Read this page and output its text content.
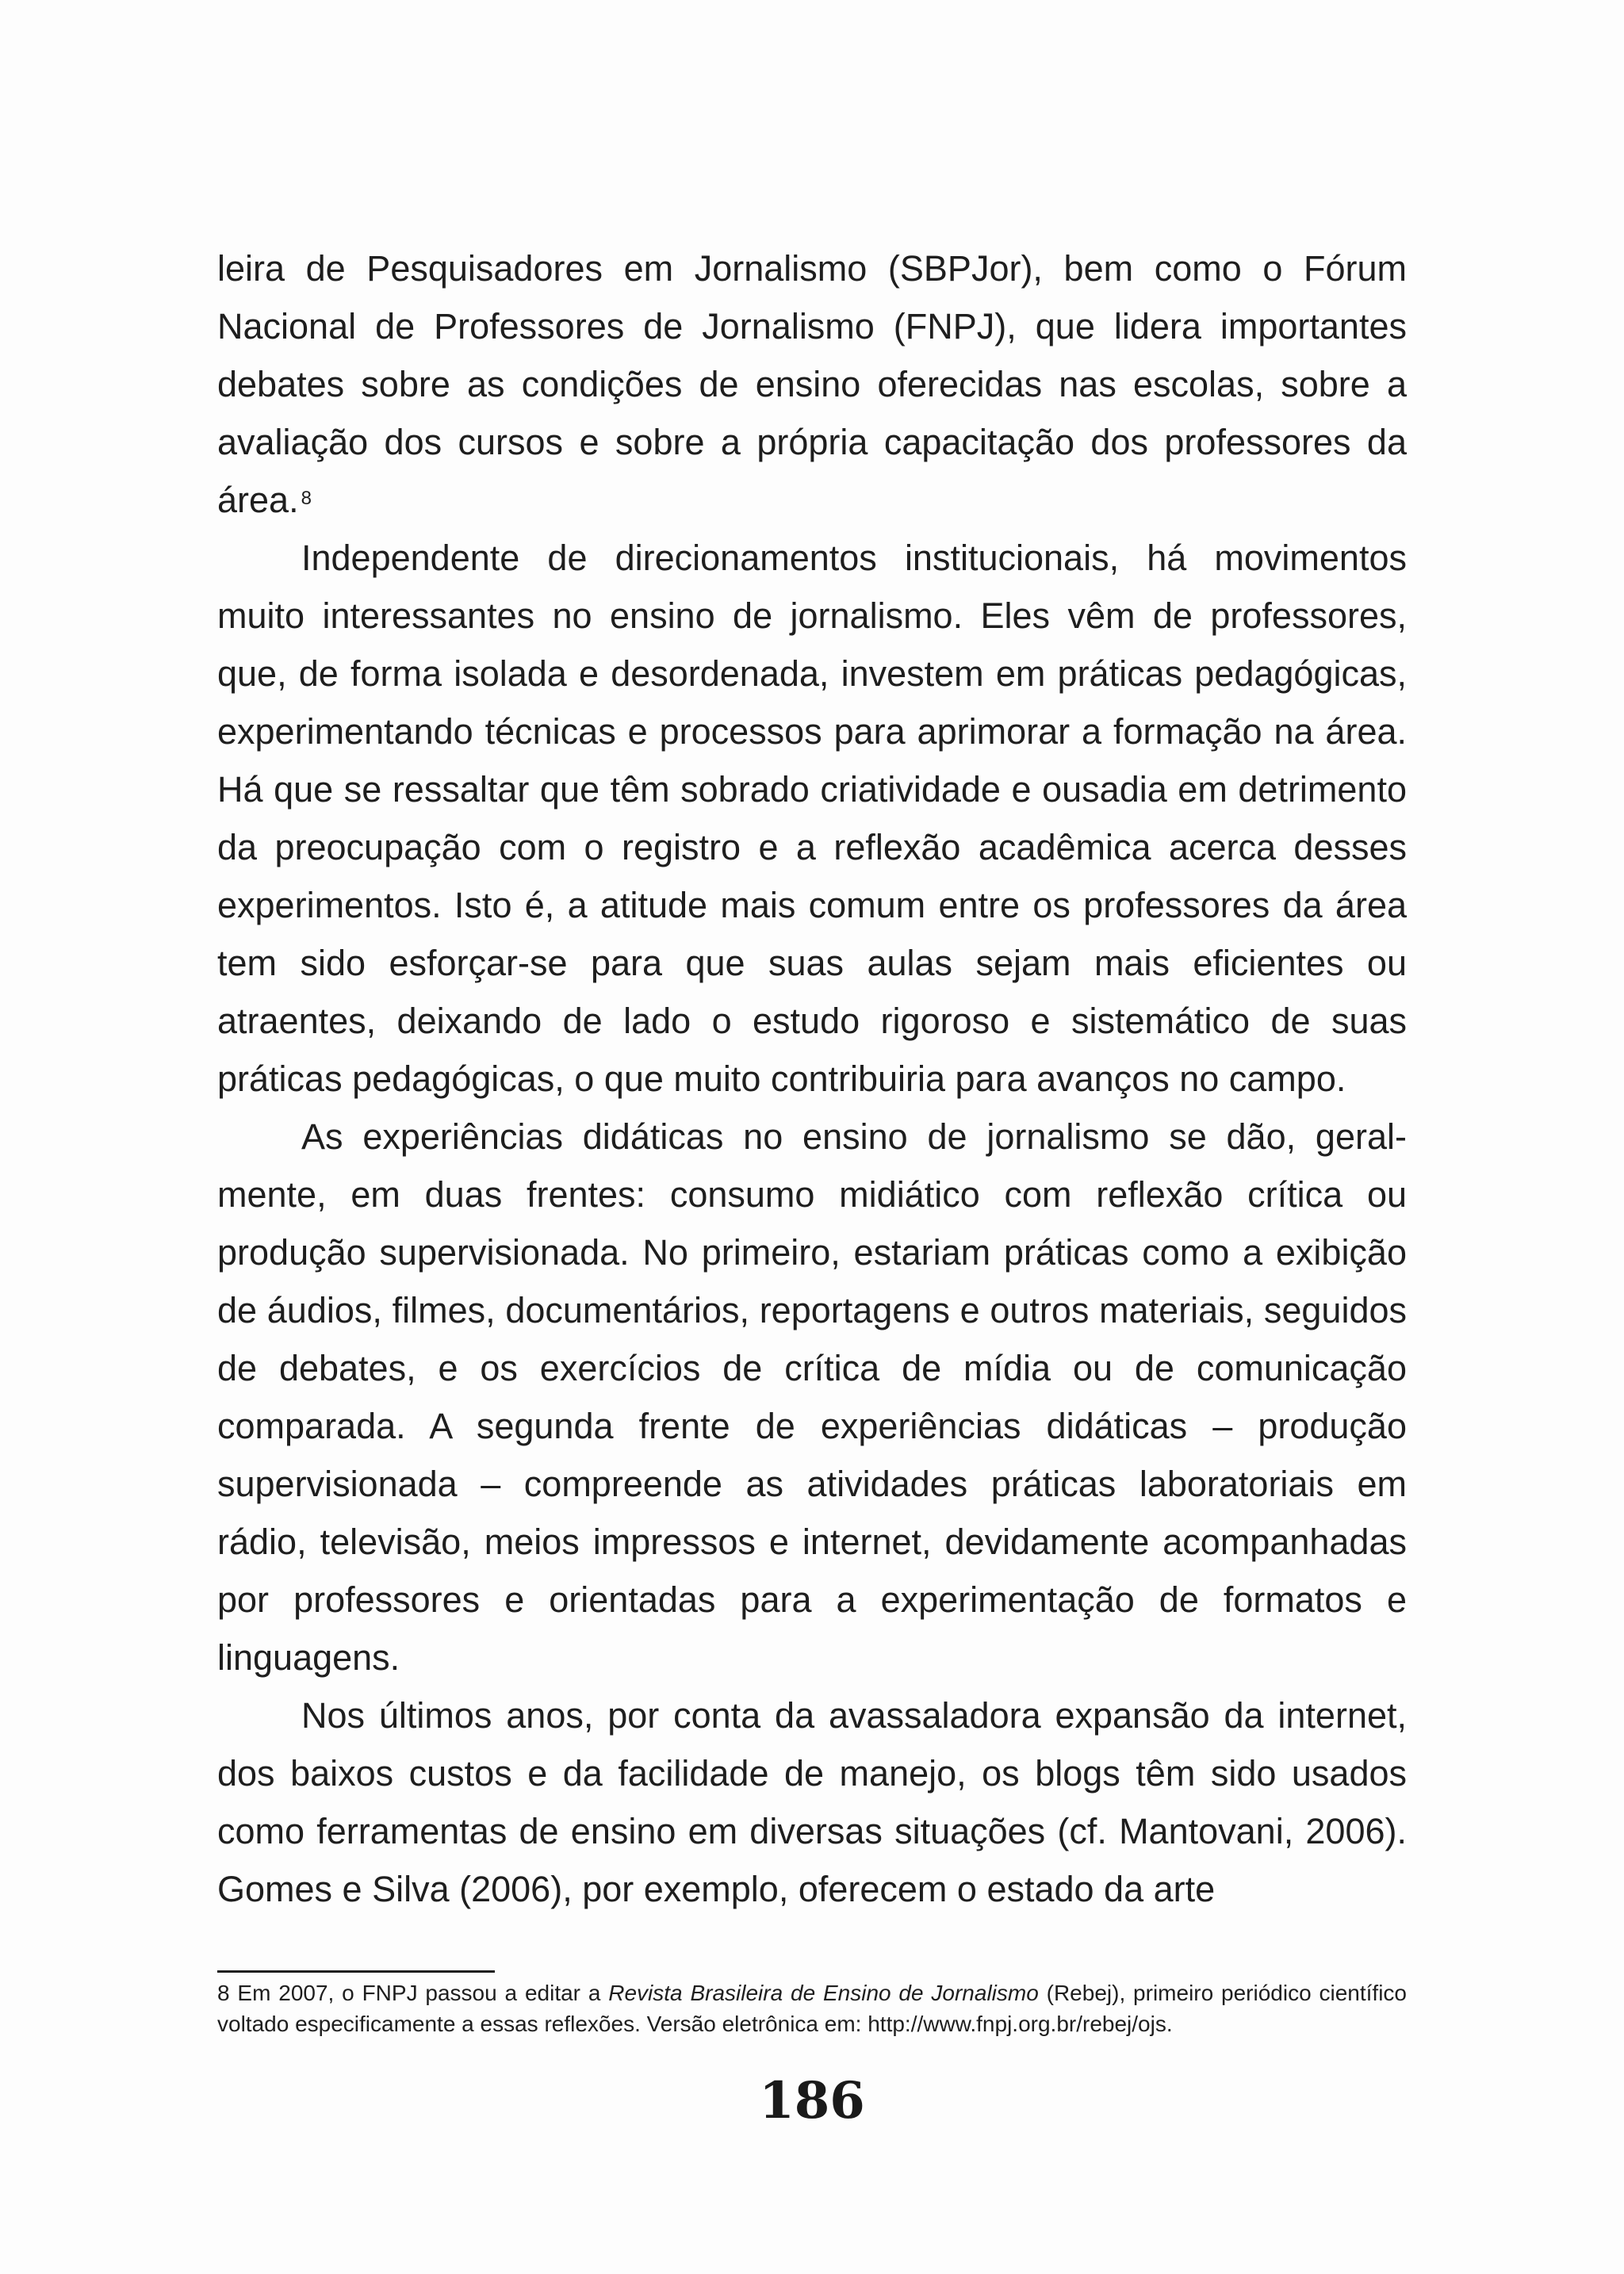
leira de Pesquisadores em Jornalismo (SBPJor), bem como o Fórum Nacional de Professores de Jornalismo (FNPJ), que lidera importantes debates sobre as condições de ensino oferecidas nas escolas, sobre a avaliação dos cursos e sobre a própria capacitação dos professores da área. $^8$

Independente de direcionamentos institucionais, há movimentos muito interessantes no ensino de jornalismo. Eles vêm de professores, que, de forma isolada e desordenada, investem em práticas pedagógicas, experimentando técnicas e processos para aprimorar a formação na área. Há que se ressaltar que têm sobrado criatividade e ousadia em detrimento da preocupação com o registro e a reflexão acadêmica acerca desses experimentos. Isto é, a atitude mais comum entre os professores da área tem sido esforçar-se para que suas aulas sejam mais eficientes ou atraentes, deixando de lado o estudo rigoroso e sistemático de suas práticas pedagógicas, o que muito contribuiria para avanços no campo.

As experiências didáticas no ensino de jornalismo se dão, geralmente, em duas frentes: consumo midiático com reflexão crítica ou produção supervisionada. No primeiro, estariam práticas como a exibição de áudios, filmes, documentários, reportagens e outros materiais, seguidos de debates, e os exercícios de crítica de mídia ou de comunicação comparada. A segunda frente de experiências didáticas – produção supervisionada – compreende as atividades práticas laboratoriais em rádio, televisão, meios impressos e internet, devidamente acompanhadas por professores e orientadas para a experimentação de formatos e linguagens.

Nos últimos anos, por conta da avassaladora expansão da internet, dos baixos custos e da facilidade de manejo, os blogs têm sido usados como ferramentas de ensino em diversas situações (cf. Mantovani, 2006). Gomes e Silva (2006), por exemplo, oferecem o estado da arte

8 Em 2007, o FNPJ passou a editar a Revista Brasileira de Ensino de Jornalismo (Rebej), primeiro periódico científico voltado especificamente a essas reflexões. Versão eletrônica em: http://www.fnpj.org.br/rebej/ojs.
186
